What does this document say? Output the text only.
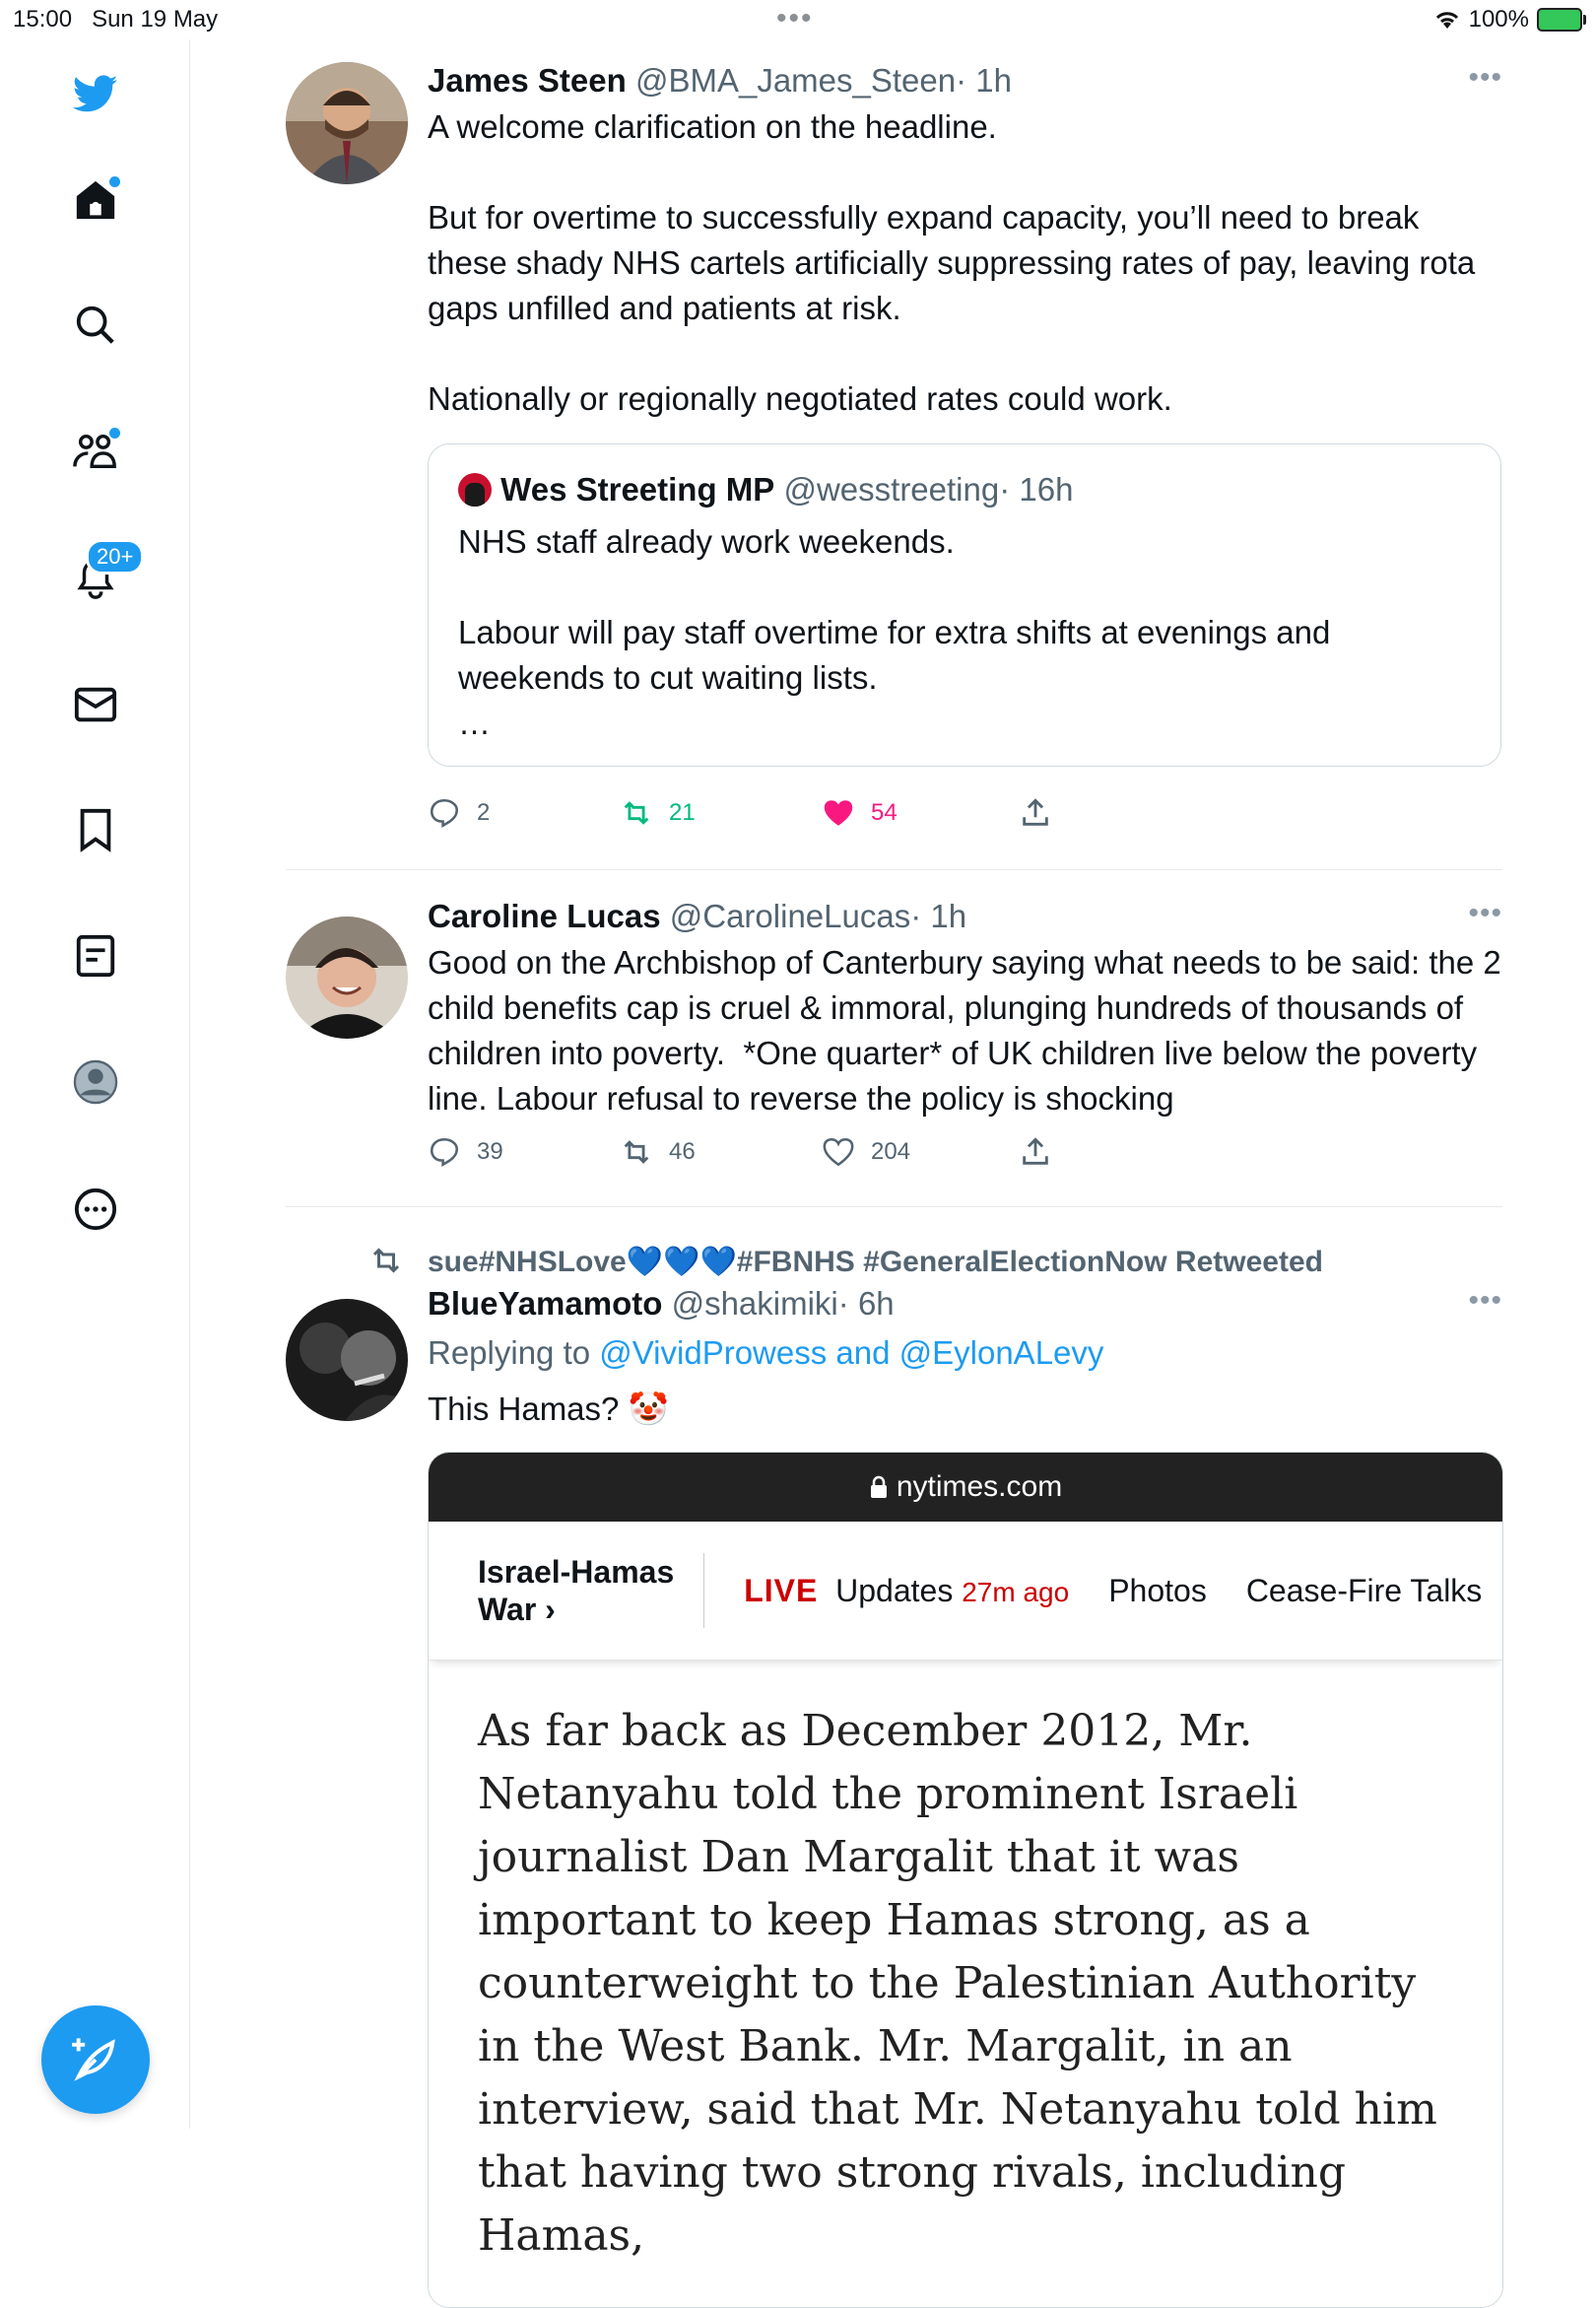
15:00 Sun 19 May	•••	100%
20+
James Steen @BMA_James_Steen· 1h	•••
A welcome clarification on the headline.

But for overtime to successfully expand capacity, you’ll need to break these shady NHS cartels artificially suppressing rates of pay, leaving rota gaps unfilled and patients at risk.

Nationally or regionally negotiated rates could work.
Wes Streeting MP @wesstreeting· 16h
NHS staff already work weekends.

Labour will pay staff overtime for extra shifts at evenings and weekends to cut waiting lists.
…
2	21	54
Caroline Lucas @CarolineLucas· 1h	•••
Good on the Archbishop of Canterbury saying what needs to be said: the 2 child benefits cap is cruel & immoral, plunging hundreds of thousands of children into poverty.  *One quarter* of UK children live below the poverty line. Labour refusal to reverse the policy is shocking
39	46	204
sue#NHSLove💙💙💙#FBNHS #GeneralElectionNow Retweeted
BlueYamamoto @shakimiki· 6h	•••
Replying to @VividProwess and @EylonALevy
This Hamas? 🤡
nytimes.com
Israel-Hamas
War ›
LIVE Updates 27m ago Photos Cease-Fire Talks
As far back as December 2012, Mr. Netanyahu told the prominent Israeli journalist Dan Margalit that it was important to keep Hamas strong, as a counterweight to the Palestinian Authority in the West Bank. Mr. Margalit, in an interview, said that Mr. Netanyahu told him that having two strong rivals, including Hamas,
